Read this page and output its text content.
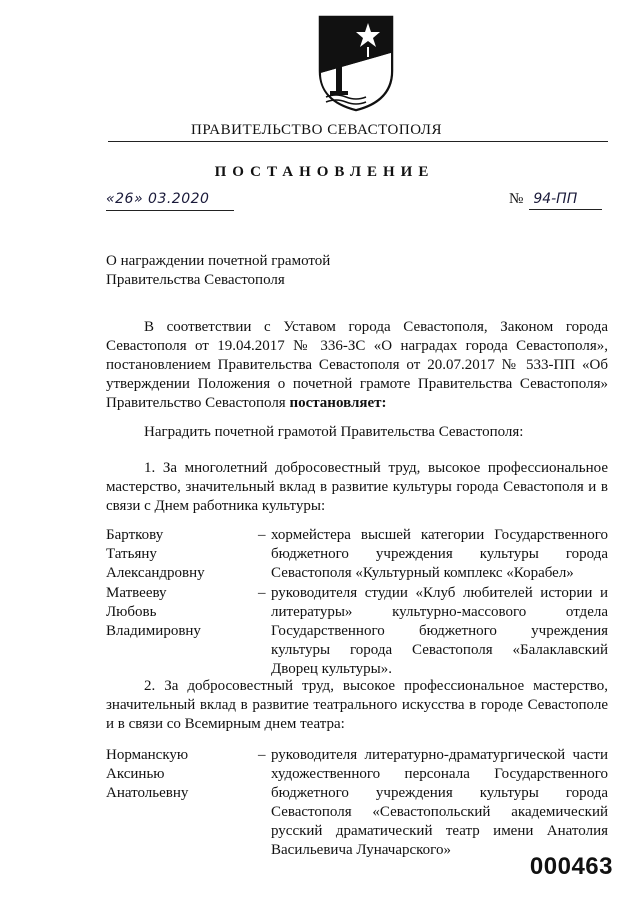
ПРАВИТЕЛЬСТВО СЕВАСТОПОЛЯ
ПОСТАНОВЛЕНИЕ
«26» 03.2020	№ 94-ПП
О награждении почетной грамотой
Правительства Севастополя
В соответствии с Уставом города Севастополя, Законом города Севастополя от 19.04.2017 № 336-ЗС «О наградах города Севастополя», постановлением Правительства Севастополя от 20.07.2017 № 533-ПП «Об утверждении Положения о почетной грамоте Правительства Севастополя» Правительство Севастополя постановляет:
Наградить почетной грамотой Правительства Севастополя:
1. За многолетний добросовестный труд, высокое профессиональное мастерство, значительный вклад в развитие культуры города Севастополя и в связи с Днем работника культуры:
Барткову
Татьяну
Александровну
– хормейстера высшей категории Государственного бюджетного учреждения культуры города Севастополя «Культурный комплекс «Корабел»
Матвееву
Любовь
Владимировну
– руководителя студии «Клуб любителей истории и литературы» культурно-массового отдела Государственного бюджетного учреждения культуры города Севастополя «Балаклавский Дворец культуры».
2. За добросовестный труд, высокое профессиональное мастерство, значительный вклад в развитие театрального искусства в городе Севастополе и в связи со Всемирным днем театра:
Норманскую
Аксинью
Анатольевну
– руководителя литературно-драматургической части художественного персонала Государственного бюджетного учреждения культуры города Севастополя «Севастопольский академический русский драматический театр имени Анатолия Васильевича Луначарского»
000463
